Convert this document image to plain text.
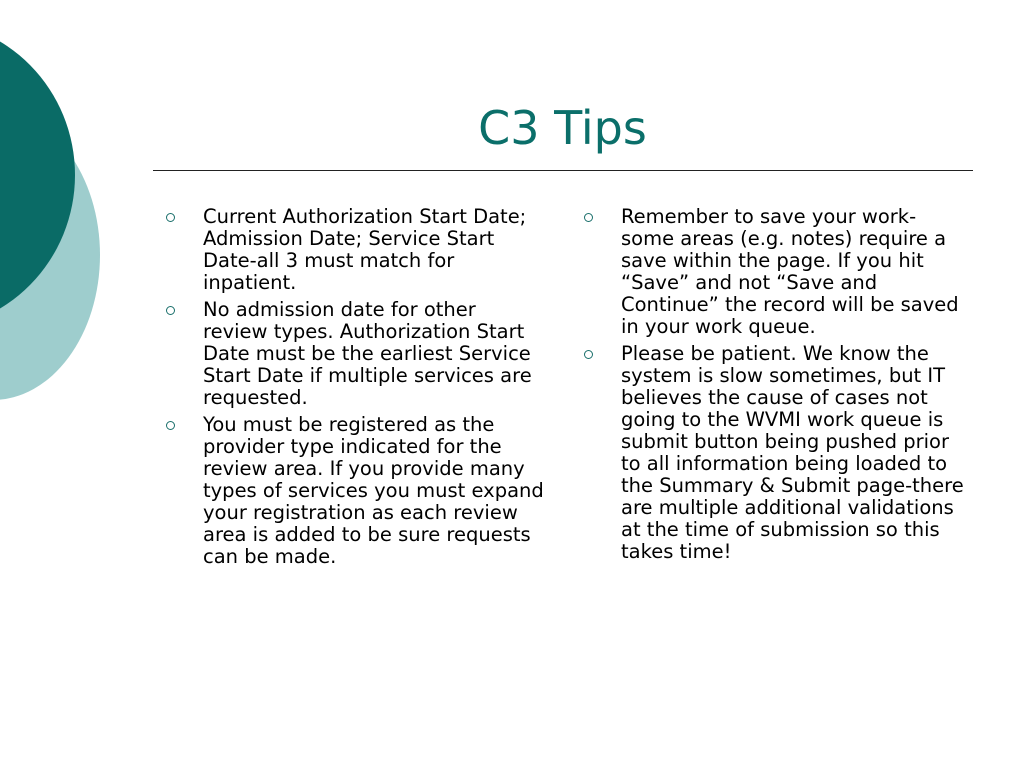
C3 Tips
Current Authorization Start Date; Admission Date; Service Start Date-all 3 must match for inpatient.
No admission date for other review types. Authorization Start Date must be the earliest Service Start Date if multiple services are requested.
You must be registered as the provider type indicated for the review area. If you provide many types of services you must expand your registration as each review area is added to be sure requests can be made.
Remember to save your work- some areas (e.g. notes) require a save within the page. If you hit “Save” and not “Save and Continue” the record will be saved in your work queue.
Please be patient. We know the system is slow sometimes, but IT believes the cause of cases not going to the WVMI work queue is submit button being pushed prior to all information being loaded to the Summary & Submit page-there are multiple additional validations at the time of submission so this takes time!
